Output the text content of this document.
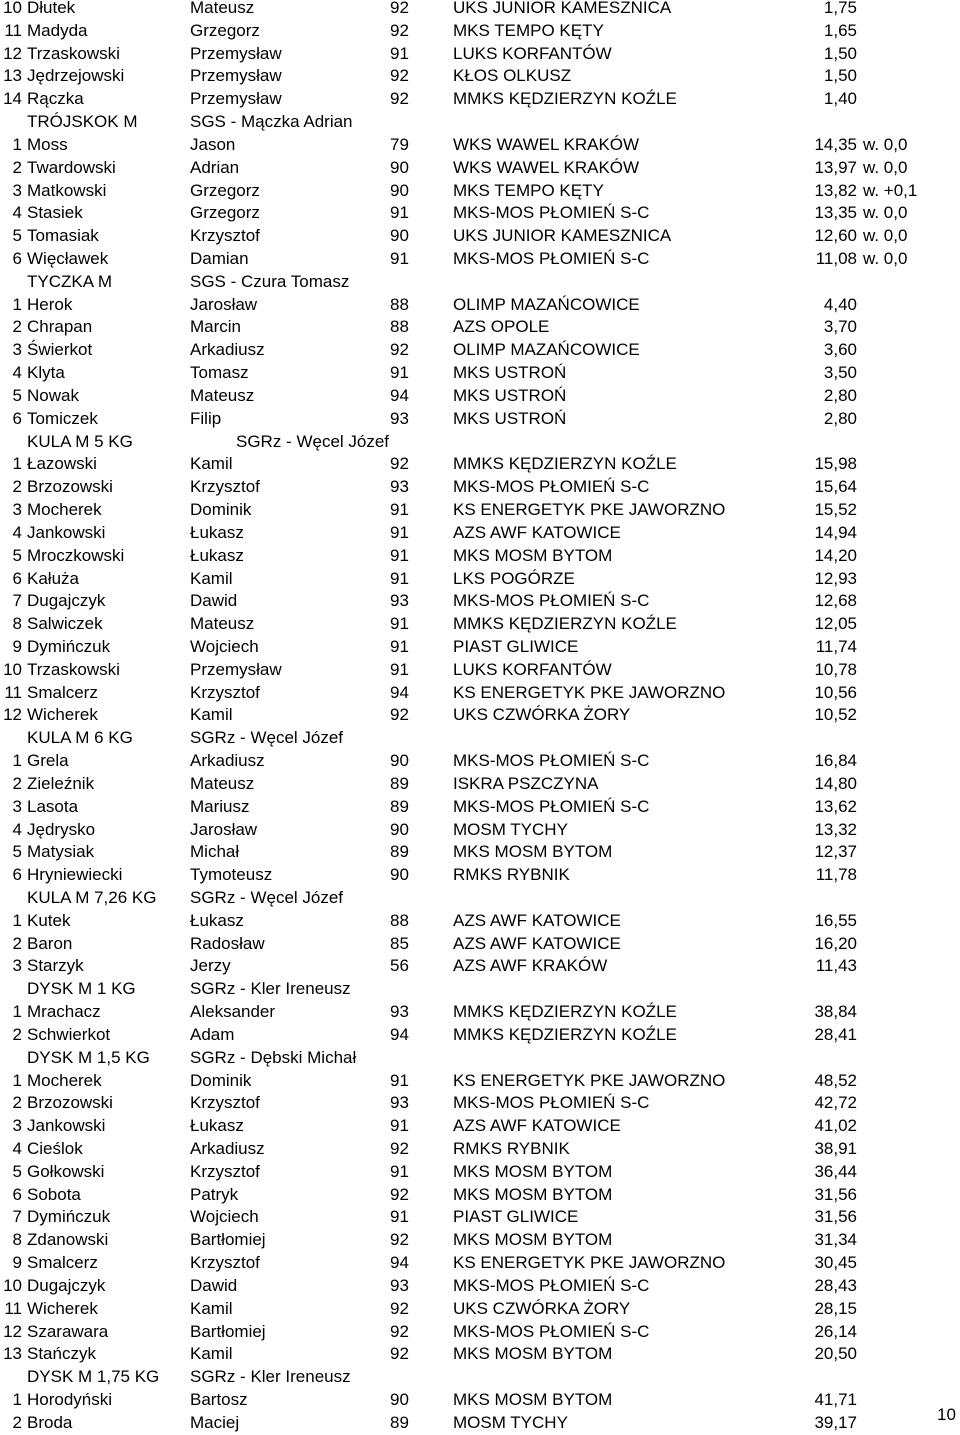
10 Dłutek	Mateusz	92	UKS JUNIOR KAMESZNICA	1,75
11 Madyda	Grzegorz	92	MKS TEMPO KĘTY	1,65
12 Trzaskowski	Przemysław	91	LUKS KORFANTÓW	1,50
13 Jędrzejowski	Przemysław	92	KŁOS OLKUSZ	1,50
14 Rączka	Przemysław	92	MMKS KĘDZIERZYN KOŹLE	1,40
TRÓJSKOK M	SGS - Mączka Adrian
1 Moss	Jason	79	WKS WAWEL KRAKÓW	14,35 w. 0,0
2 Twardowski	Adrian	90	WKS WAWEL KRAKÓW	13,97 w. 0,0
3 Matkowski	Grzegorz	90	MKS TEMPO KĘTY	13,82 w. +0,1
4 Stasiek	Grzegorz	91	MKS-MOS PŁOMIEŃ S-C	13,35 w. 0,0
5 Tomasiak	Krzysztof	90	UKS JUNIOR KAMESZNICA	12,60 w. 0,0
6 Więcławek	Damian	91	MKS-MOS PŁOMIEŃ S-C	11,08 w. 0,0
TYCZKA M	SGS - Czura Tomasz
1 Herok	Jarosław	88	OLIMP MAZAŃCOWICE	4,40
2 Chrapan	Marcin	88	AZS OPOLE	3,70
3 Świerkot	Arkadiusz	92	OLIMP MAZAŃCOWICE	3,60
4 Klyta	Tomasz	91	MKS USTROŃ	3,50
5 Nowak	Mateusz	94	MKS USTROŃ	2,80
6 Tomiczek	Filip	93	MKS USTROŃ	2,80
KULA M 5 KG	SGRz - Węcel Józef
1 Łazowski	Kamil	92	MMKS KĘDZIERZYN KOŹLE	15,98
2 Brzozowski	Krzysztof	93	MKS-MOS PŁOMIEŃ S-C	15,64
3 Mocherek	Dominik	91	KS ENERGETYK PKE JAWORZNO	15,52
4 Jankowski	Łukasz	91	AZS AWF KATOWICE	14,94
5 Mroczkowski	Łukasz	91	MKS MOSM BYTOM	14,20
6 Kałuża	Kamil	91	LKS POGÓRZE	12,93
7 Dugajczyk	Dawid	93	MKS-MOS PŁOMIEŃ S-C	12,68
8 Salwiczek	Mateusz	91	MMKS KĘDZIERZYN KOŹLE	12,05
9 Dymińczuk	Wojciech	91	PIAST GLIWICE	11,74
10 Trzaskowski	Przemysław	91	LUKS KORFANTÓW	10,78
11 Smalcerz	Krzysztof	94	KS ENERGETYK PKE JAWORZNO	10,56
12 Wicherek	Kamil	92	UKS CZWÓRKA ŻORY	10,52
KULA M 6 KG	SGRz - Węcel Józef
1 Grela	Arkadiusz	90	MKS-MOS PŁOMIEŃ S-C	16,84
2 Zieleźnik	Mateusz	89	ISKRA PSZCZYNA	14,80
3 Lasota	Mariusz	89	MKS-MOS PŁOMIEŃ S-C	13,62
4 Jędrysko	Jarosław	90	MOSM TYCHY	13,32
5 Matysiak	Michał	89	MKS MOSM BYTOM	12,37
6 Hryniewiecki	Tymoteusz	90	RMKS RYBNIK	11,78
KULA M 7,26 KG SGRz - Węcel Józef
1 Kutek	Łukasz	88	AZS AWF KATOWICE	16,55
2 Baron	Radosław	85	AZS AWF KATOWICE	16,20
3 Starzyk	Jerzy	56	AZS AWF KRAKÓW	11,43
DYSK M 1 KG	SGRz - Kler Ireneusz
1 Mrachacz	Aleksander	93	MMKS KĘDZIERZYN KOŹLE	38,84
2 Schwierkot	Adam	94	MMKS KĘDZIERZYN KOŹLE	28,41
DYSK M 1,5 KG SGRz - Dębski Michał
1 Mocherek	Dominik	91	KS ENERGETYK PKE JAWORZNO	48,52
2 Brzozowski	Krzysztof	93	MKS-MOS PŁOMIEŃ S-C	42,72
3 Jankowski	Łukasz	91	AZS AWF KATOWICE	41,02
4 Cieślok	Arkadiusz	92	RMKS RYBNIK	38,91
5 Gołkowski	Krzysztof	91	MKS MOSM BYTOM	36,44
6 Sobota	Patryk	92	MKS MOSM BYTOM	31,56
7 Dymińczuk	Wojciech	91	PIAST GLIWICE	31,56
8 Zdanowski	Bartłomiej	92	MKS MOSM BYTOM	31,34
9 Smalcerz	Krzysztof	94	KS ENERGETYK PKE JAWORZNO	30,45
10 Dugajczyk	Dawid	93	MKS-MOS PŁOMIEŃ S-C	28,43
11 Wicherek	Kamil	92	UKS CZWÓRKA ŻORY	28,15
12 Szarawara	Bartłomiej	92	MKS-MOS PŁOMIEŃ S-C	26,14
13 Stańczyk	Kamil	92	MKS MOSM BYTOM	20,50
DYSK M 1,75 KG SGRz - Kler Ireneusz
1 Horodyński	Bartosz	90	MKS MOSM BYTOM	41,71
2 Broda	Maciej	89	MOSM TYCHY	39,17	10
